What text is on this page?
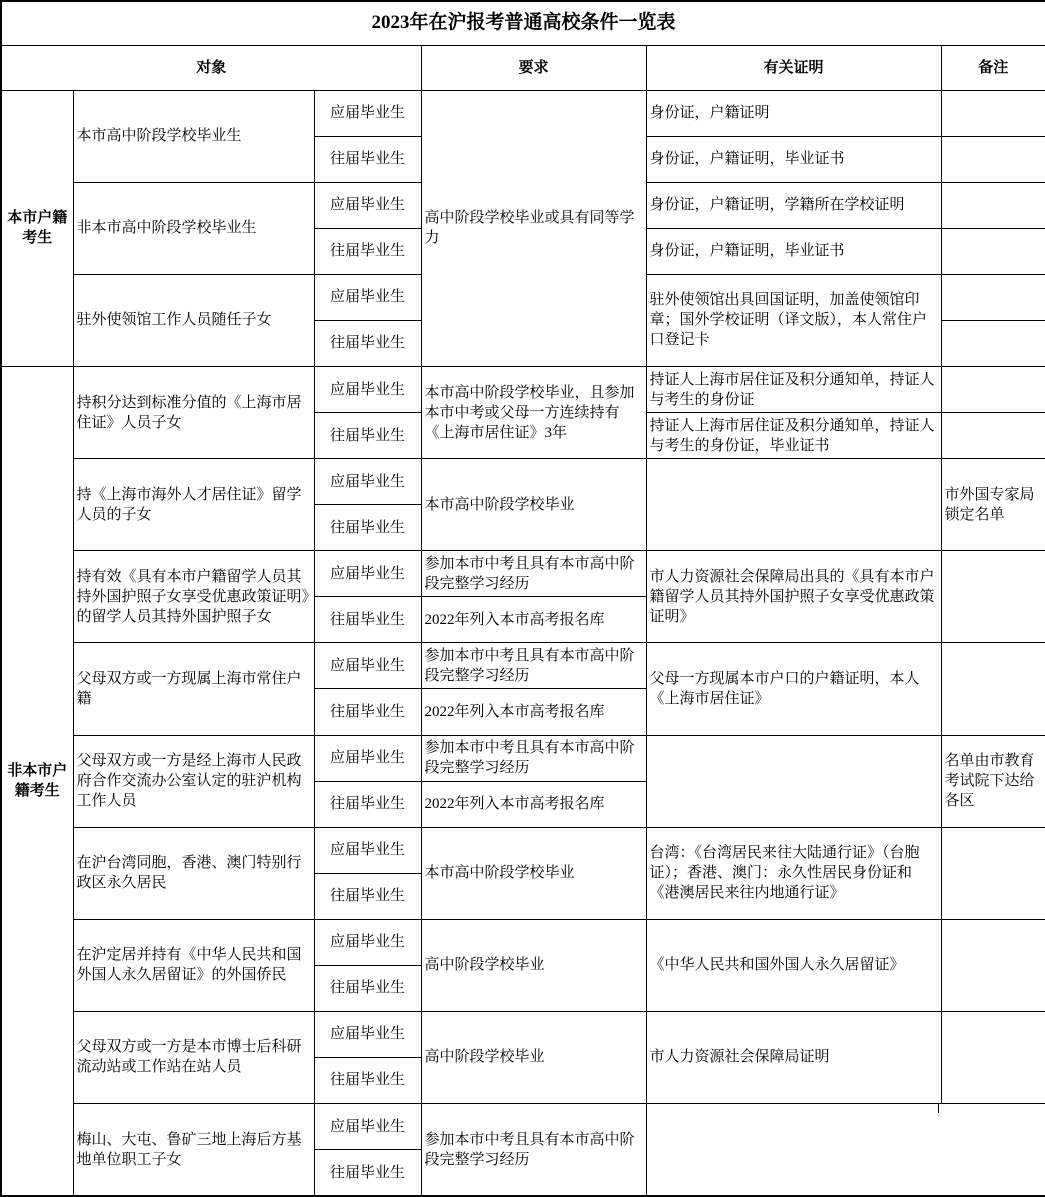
2023年在沪报考普通高校条件一览表					
对象			要求	有关证明	备注
本市户籍考生	本市高中阶段学校毕业生	应届毕业生	高中阶段学校毕业或具有同等学力	身份证，户籍证明	
		往届毕业生		身份证，户籍证明，毕业证书	
	非本市高中阶段学校毕业生	应届毕业生		身份证，户籍证明，学籍所在学校证明	
		往届毕业生		身份证，户籍证明，毕业证书	
	驻外使领馆工作人员随任子女	应届毕业生		驻外使领馆出具回国证明，加盖使领馆印章；国外学校证明（译文版），本人常住户口登记卡	
		往届毕业生			
非本市户籍考生	持积分达到标准分值的《上海市居住证》人员子女	应届毕业生	本市高中阶段学校毕业，且参加本市中考或父母一方连续持有《上海市居住证》3年	持证人上海市居住证及积分通知单，持证人与考生的身份证	
		往届毕业生		持证人上海市居住证及积分通知单，持证人与考生的身份证，毕业证书	
	持《上海市海外人才居住证》留学人员的子女	应届毕业生	本市高中阶段学校毕业		市外国专家局锁定名单
		往届毕业生			
	持有效《具有本市户籍留学人员其持外国护照子女享受优惠政策证明》的留学人员其持外国护照子女	应届毕业生	参加本市中考且具有本市高中阶段完整学习经历	市人力资源社会保障局出具的《具有本市户籍留学人员其持外国护照子女享受优惠政策证明》	
		往届毕业生	2022年列入本市高考报名库		
	父母双方或一方现属上海市常住户籍	应届毕业生	参加本市中考且具有本市高中阶段完整学习经历	父母一方现属本市户口的户籍证明，本人《上海市居住证》	
		往届毕业生	2022年列入本市高考报名库		
	父母双方或一方是经上海市人民政府合作交流办公室认定的驻沪机构工作人员	应届毕业生	参加本市中考且具有本市高中阶段完整学习经历		名单由市教育考试院下达给各区
		往届毕业生	2022年列入本市高考报名库		
	在沪台湾同胞，香港、澳门特别行政区永久居民	应届毕业生	本市高中阶段学校毕业	台湾：《台湾居民来往大陆通行证》（台胞证）；香港、澳门：永久性居民身份证和《港澳居民来往内地通行证》	
		往届毕业生			
	在沪定居并持有《中华人民共和国外国人永久居留证》的外国侨民	应届毕业生	高中阶段学校毕业	《中华人民共和国外国人永久居留证》	
		往届毕业生			
	父母双方或一方是本市博士后科研流动站或工作站在站人员	应届毕业生	高中阶段学校毕业	市人力资源社会保障局证明	
		往届毕业生			
	梅山、大屯、鲁矿三地上海后方基地单位职工子女	应届毕业生	参加本市中考且具有本市高中阶段完整学习经历		
		往届毕业生			
